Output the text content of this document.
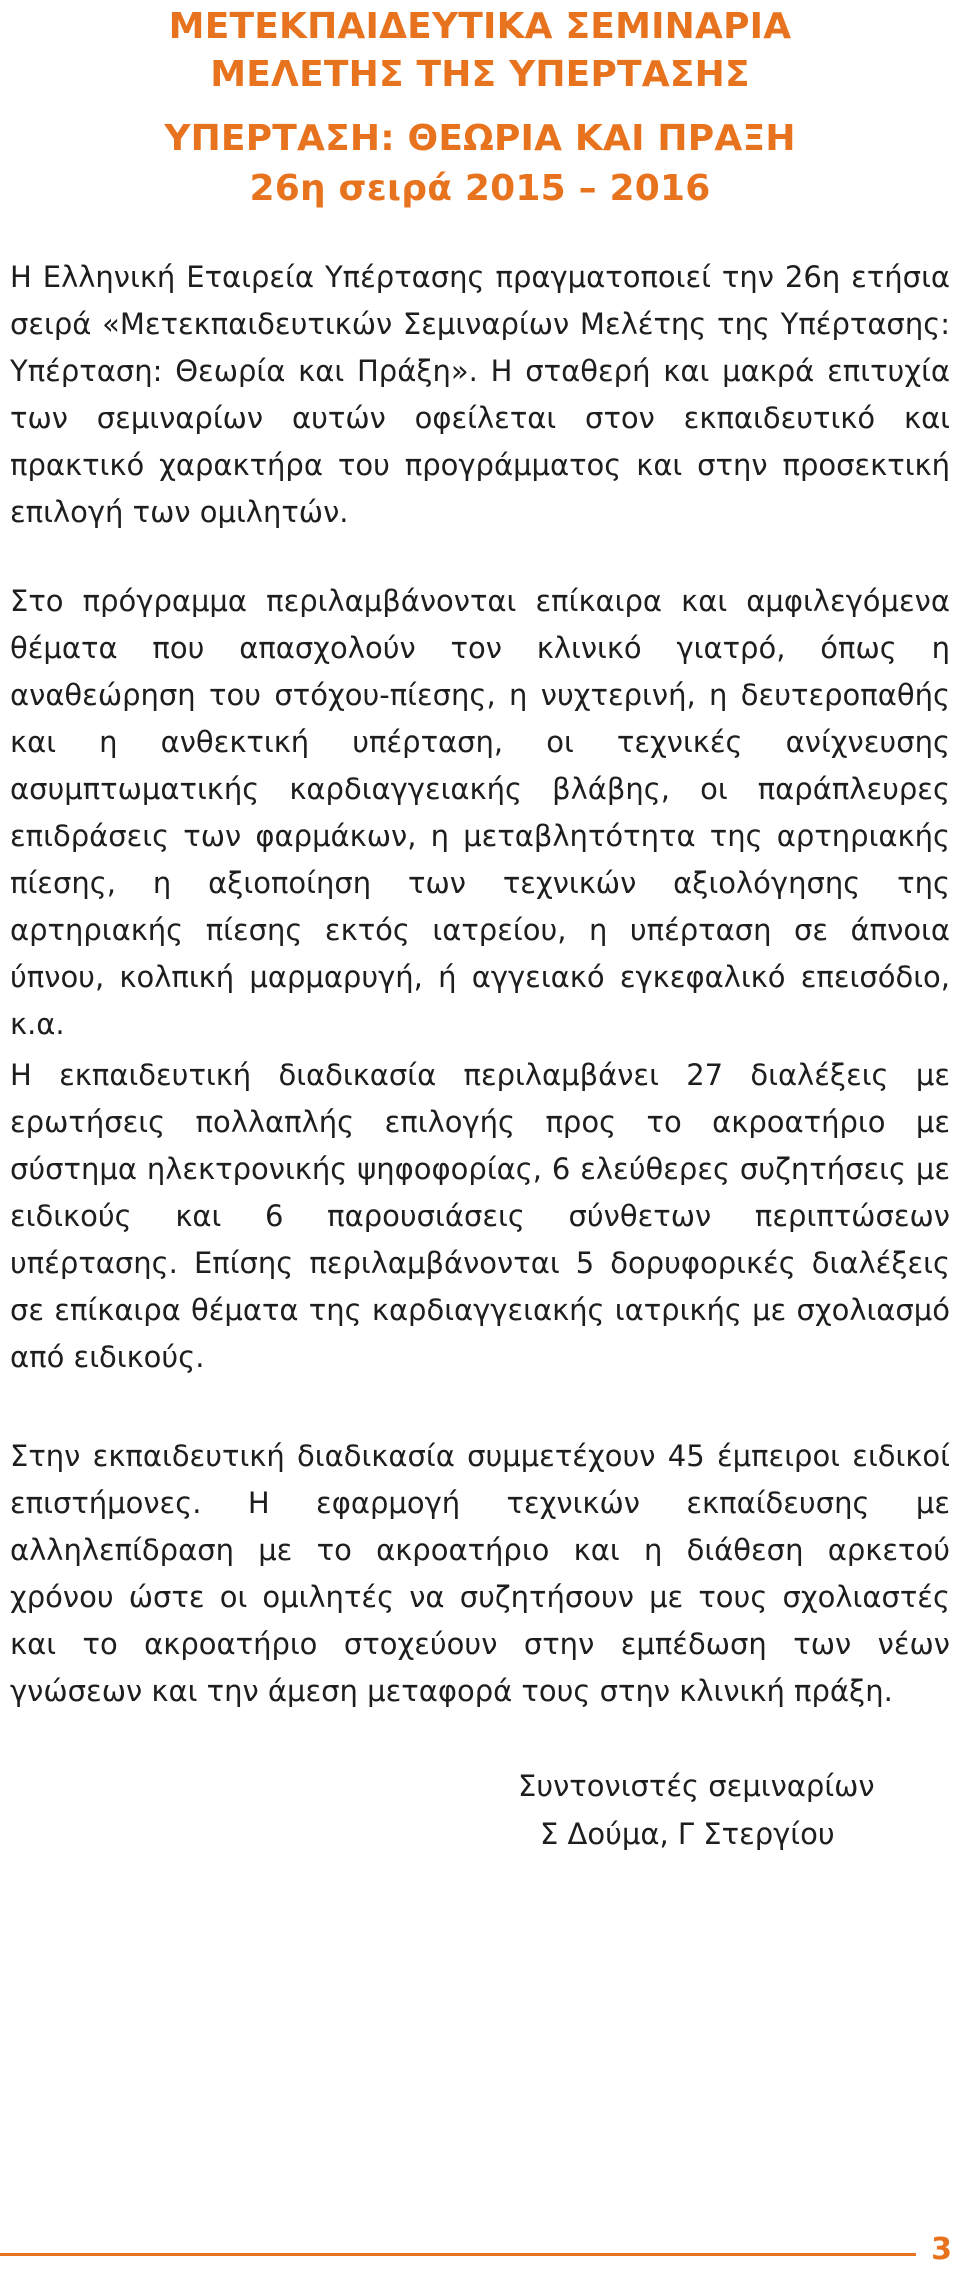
ΜΕΤΕΚΠΑΙΔΕΥΤΙΚΑ ΣΕΜΙΝΑΡΙΑ
ΜΕΛΕΤΗΣ ΤΗΣ ΥΠΕΡΤΑΣΗΣ
ΥΠΕΡΤΑΣΗ: ΘΕΩΡΙΑ ΚΑΙ ΠΡΑΞΗ
26η σειρά 2015 – 2016

Η Ελληνική Εταιρεία Υπέρτασης πραγματοποιεί την 26η ετήσια σειρά «Μετεκπαιδευτικών Σεμιναρίων Μελέτης της Υπέρτασης: Υπέρταση: Θεωρία και Πράξη». Η σταθερή και μακρά επιτυχία των σεμιναρίων αυτών οφείλεται στον εκπαιδευτικό και πρακτικό χαρακτήρα του προγράμματος και στην προσεκτική επιλογή των ομιλητών.

Στο πρόγραμμα περιλαμβάνονται επίκαιρα και αμφιλεγόμενα θέματα που απασχολούν τον κλινικό γιατρό, όπως η αναθεώρηση του στόχου-πίεσης, η νυχτερινή, η δευτεροπαθής και η ανθεκτική υπέρταση, οι τεχνικές ανίχνευσης ασυμπτωματικής καρδιαγγειακής βλάβης, οι παράπλευρες επιδράσεις των φαρμάκων, η μεταβλητότητα της αρτηριακής πίεσης, η αξιοποίηση των τεχνικών αξιολόγησης της αρτηριακής πίεσης εκτός ιατρείου, η υπέρταση σε άπνοια ύπνου, κολπική μαρμαρυγή, ή αγγειακό εγκεφαλικό επεισόδιο, κ.α.

Η εκπαιδευτική διαδικασία περιλαμβάνει 27 διαλέξεις με ερωτήσεις πολλαπλής επιλογής προς το ακροατήριο με σύστημα ηλεκτρονικής ψηφοφορίας, 6 ελεύθερες συζητήσεις με ειδικούς και 6 παρουσιάσεις σύνθετων περιπτώσεων υπέρτασης. Επίσης περιλαμβάνονται 5 δορυφορικές διαλέξεις σε επίκαιρα θέματα της καρδιαγγειακής ιατρικής με σχολιασμό από ειδικούς.

Στην εκπαιδευτική διαδικασία συμμετέχουν 45 έμπειροι ειδικοί επιστήμονες. Η εφαρμογή τεχνικών εκπαίδευσης με αλληλεπίδραση με το ακροατήριο και η διάθεση αρκετού χρόνου ώστε οι ομιλητές να συζητήσουν με τους σχολιαστές και το ακροατήριο στοχεύουν στην εμπέδωση των νέων γνώσεων και την άμεση μεταφορά τους στην κλινική πράξη.

Συντονιστές σεμιναρίων
Σ Δούμα, Γ Στεργίου
3
